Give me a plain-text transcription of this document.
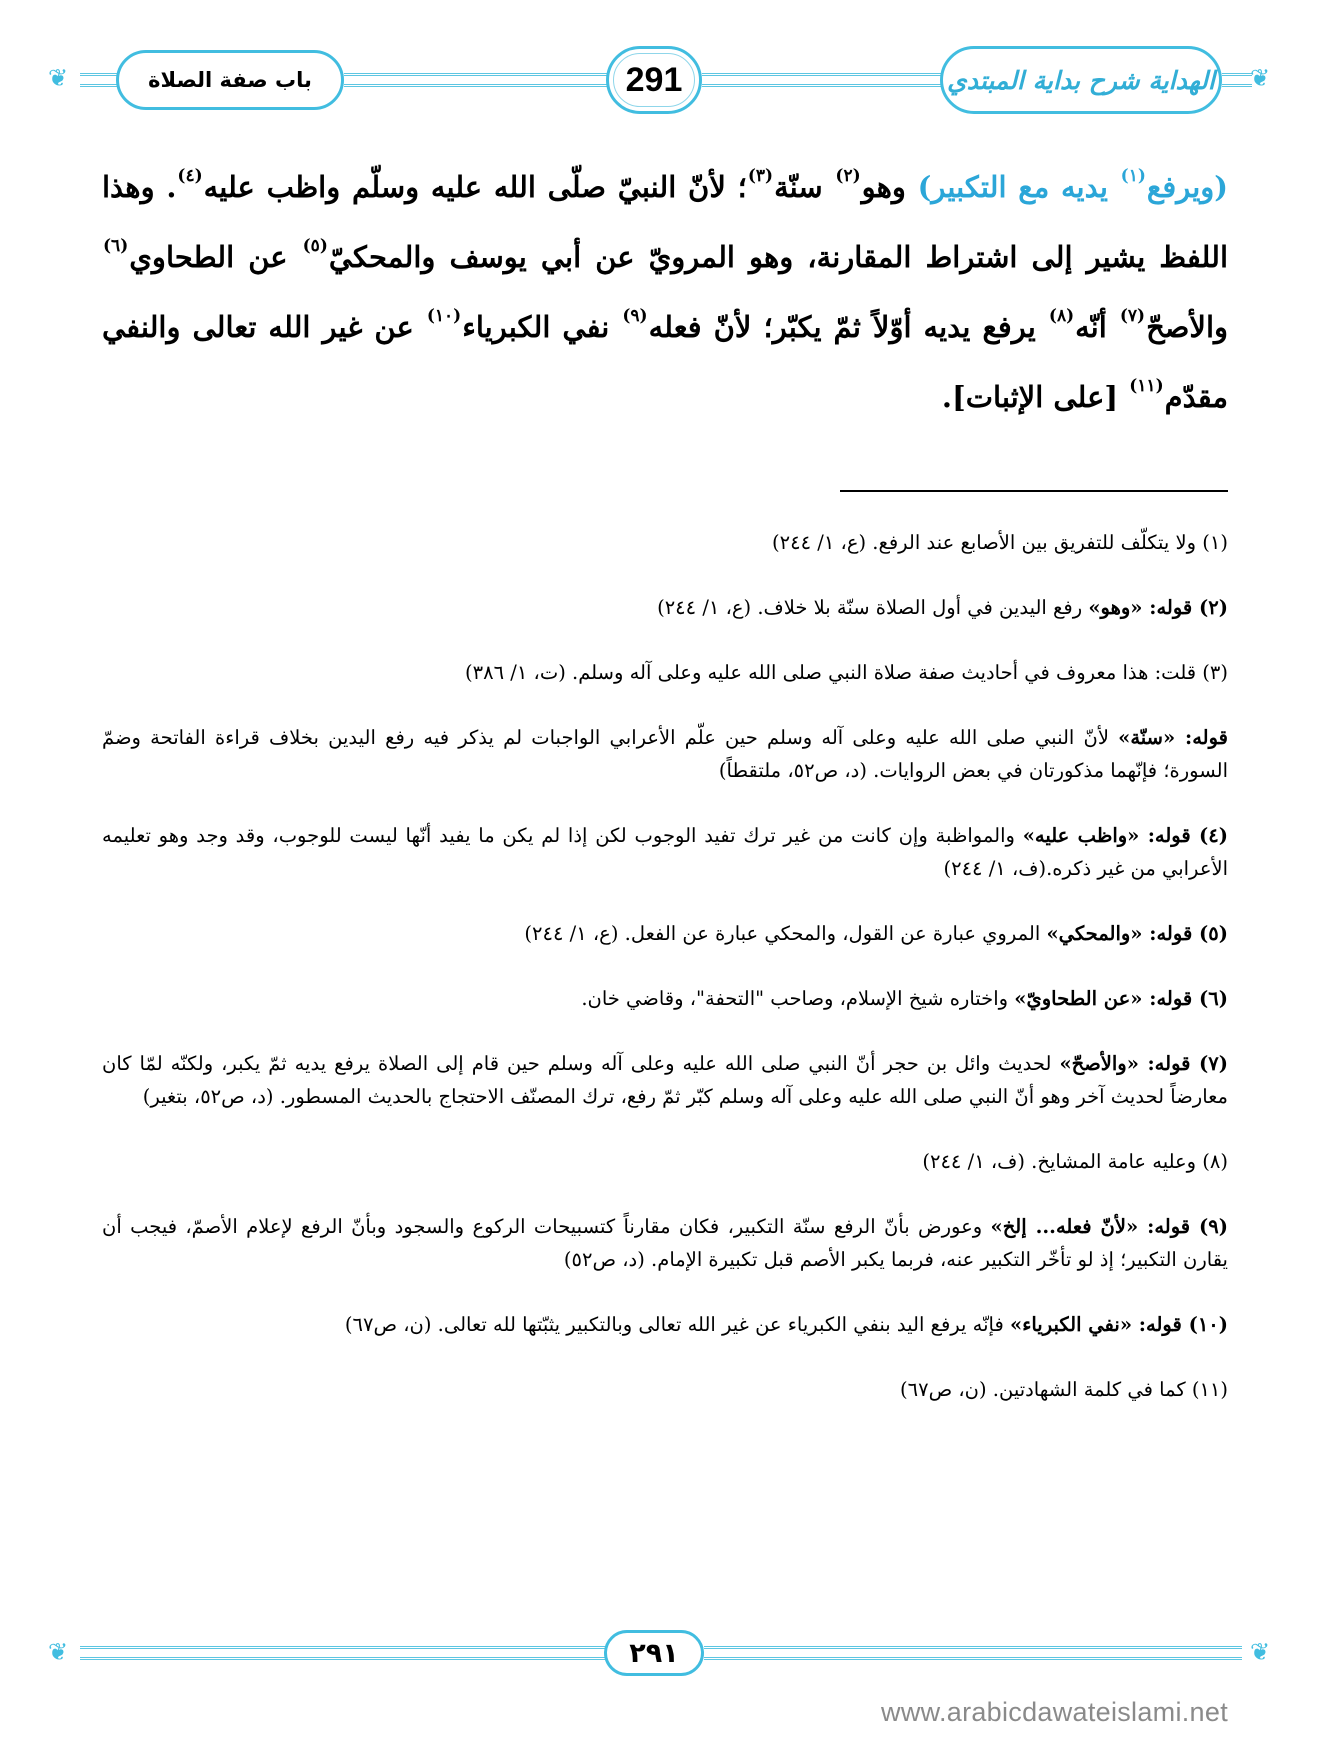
❦	باب صفة الصلاة	291	الهداية شرح بداية المبتدي ❦
(ويرفع$^{(١)}$ يديه مع التكبير) وهو$^{(٢)}$ سنّة$^{(٣)}$؛ لأنّ النبيّ صلّى الله عليه وسلّم واظب عليه$^{(٤)}$. وهذا اللفظ يشير إلى اشتراط المقارنة، وهو المرويّ عن أبي يوسف والمحكيّ$^{(٥)}$ عن الطحاوي$^{(٦)}$ والأصحّ$^{(٧)}$ أنّه$^{(٨)}$ يرفع يديه أوّلاً ثمّ يكبّر؛ لأنّ فعله$^{(٩)}$ نفي الكبرياء$^{(١٠)}$ عن غير الله تعالى والنفي مقدّم$^{(١١)}$ [على الإثبات].
(١) ولا يتكلّف للتفريق بين الأصابع عند الرفع. (ع، ١/ ٢٤٤)
(٢) قوله: «وهو» رفع اليدين في أول الصلاة سنّة بلا خلاف. (ع، ١/ ٢٤٤)
(٣) قلت: هذا معروف في أحاديث صفة صلاة النبي صلى الله عليه وعلى آله وسلم. (ت، ١/ ٣٨٦)
قوله: «سنّة» لأنّ النبي صلى الله عليه وعلى آله وسلم حين علّم الأعرابي الواجبات لم يذكر فيه رفع اليدين بخلاف قراءة الفاتحة وضمّ السورة؛ فإنّهما مذكورتان في بعض الروايات. (د، ص٥٢، ملتقطاً)
(٤) قوله: «واظب عليه» والمواظبة وإن كانت من غير ترك تفيد الوجوب لكن إذا لم يكن ما يفيد أنّها ليست للوجوب، وقد وجد وهو تعليمه الأعرابي من غير ذكره.(ف، ١/ ٢٤٤)
(٥) قوله: «والمحكي» المروي عبارة عن القول، والمحكي عبارة عن الفعل. (ع، ١/ ٢٤٤)
(٦) قوله: «عن الطحاويّ» واختاره شيخ الإسلام، وصاحب "التحفة"، وقاضي خان.
(٧) قوله: «والأصحّ» لحديث وائل بن حجر أنّ النبي صلى الله عليه وعلى آله وسلم حين قام إلى الصلاة يرفع يديه ثمّ يكبر، ولكنّه لمّا كان معارضاً لحديث آخر وهو أنّ النبي صلى الله عليه وعلى آله وسلم كبّر ثمّ رفع، ترك المصنّف الاحتجاج بالحديث المسطور. (د، ص٥٢، بتغير)
(٨) وعليه عامة المشايخ. (ف، ١/ ٢٤٤)
(٩) قوله: «لأنّ فعله... إلخ» وعورض بأنّ الرفع سنّة التكبير، فكان مقارناً كتسبيحات الركوع والسجود وبأنّ الرفع لإعلام الأصمّ، فيجب أن يقارن التكبير؛ إذ لو تأخّر التكبير عنه، فربما يكبر الأصم قبل تكبيرة الإمام. (د، ص٥٢)
(١٠) قوله: «نفي الكبرياء» فإنّه يرفع اليد بنفي الكبرياء عن غير الله تعالى وبالتكبير يثبّتها لله تعالى. (ن، ص٦٧)
(١١) كما في كلمة الشهادتين. (ن، ص٦٧)
❦	٢٩١	❦
www.arabicdawateislami.net
